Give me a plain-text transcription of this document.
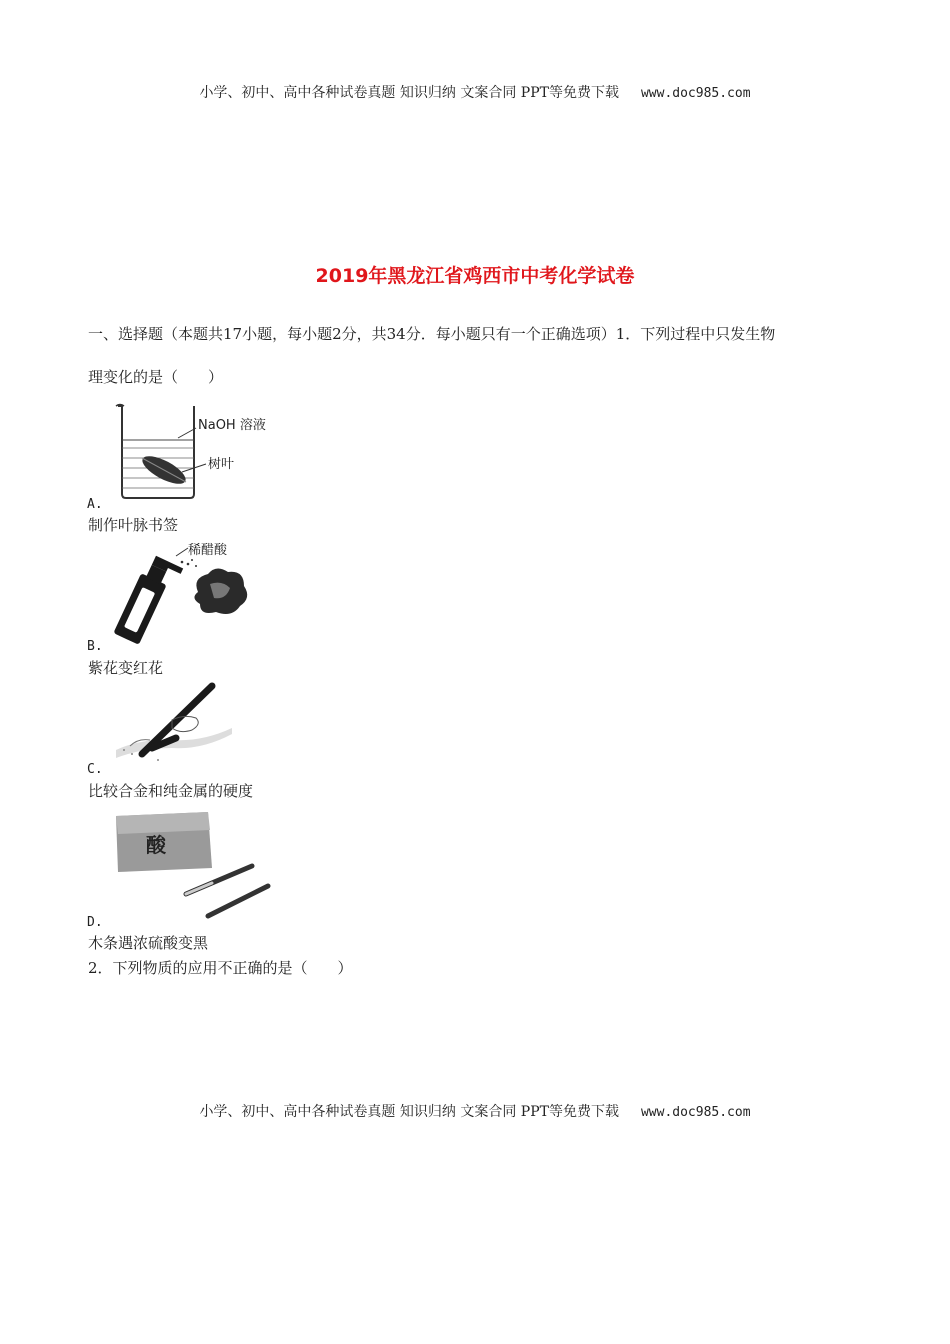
小学、初中、高中各种试卷真题 知识归纳 文案合同 PPT等免费下载 www.doc985.com
2019年黑龙江省鸡西市中考化学试卷
一、选择题（本题共17小题，每小题2分，共34分．每小题只有一个正确选项）1．下列过程中只发生物
理变化的是（　　）
NaOH 溶液
树叶
A.
制作叶脉书签
稀醋酸
B.
紫花变红花
C.
比较合金和纯金属的硬度
酸
D.
木条遇浓硫酸变黑
2．下列物质的应用不正确的是（　　）
小学、初中、高中各种试卷真题 知识归纳 文案合同 PPT等免费下载 www.doc985.com
